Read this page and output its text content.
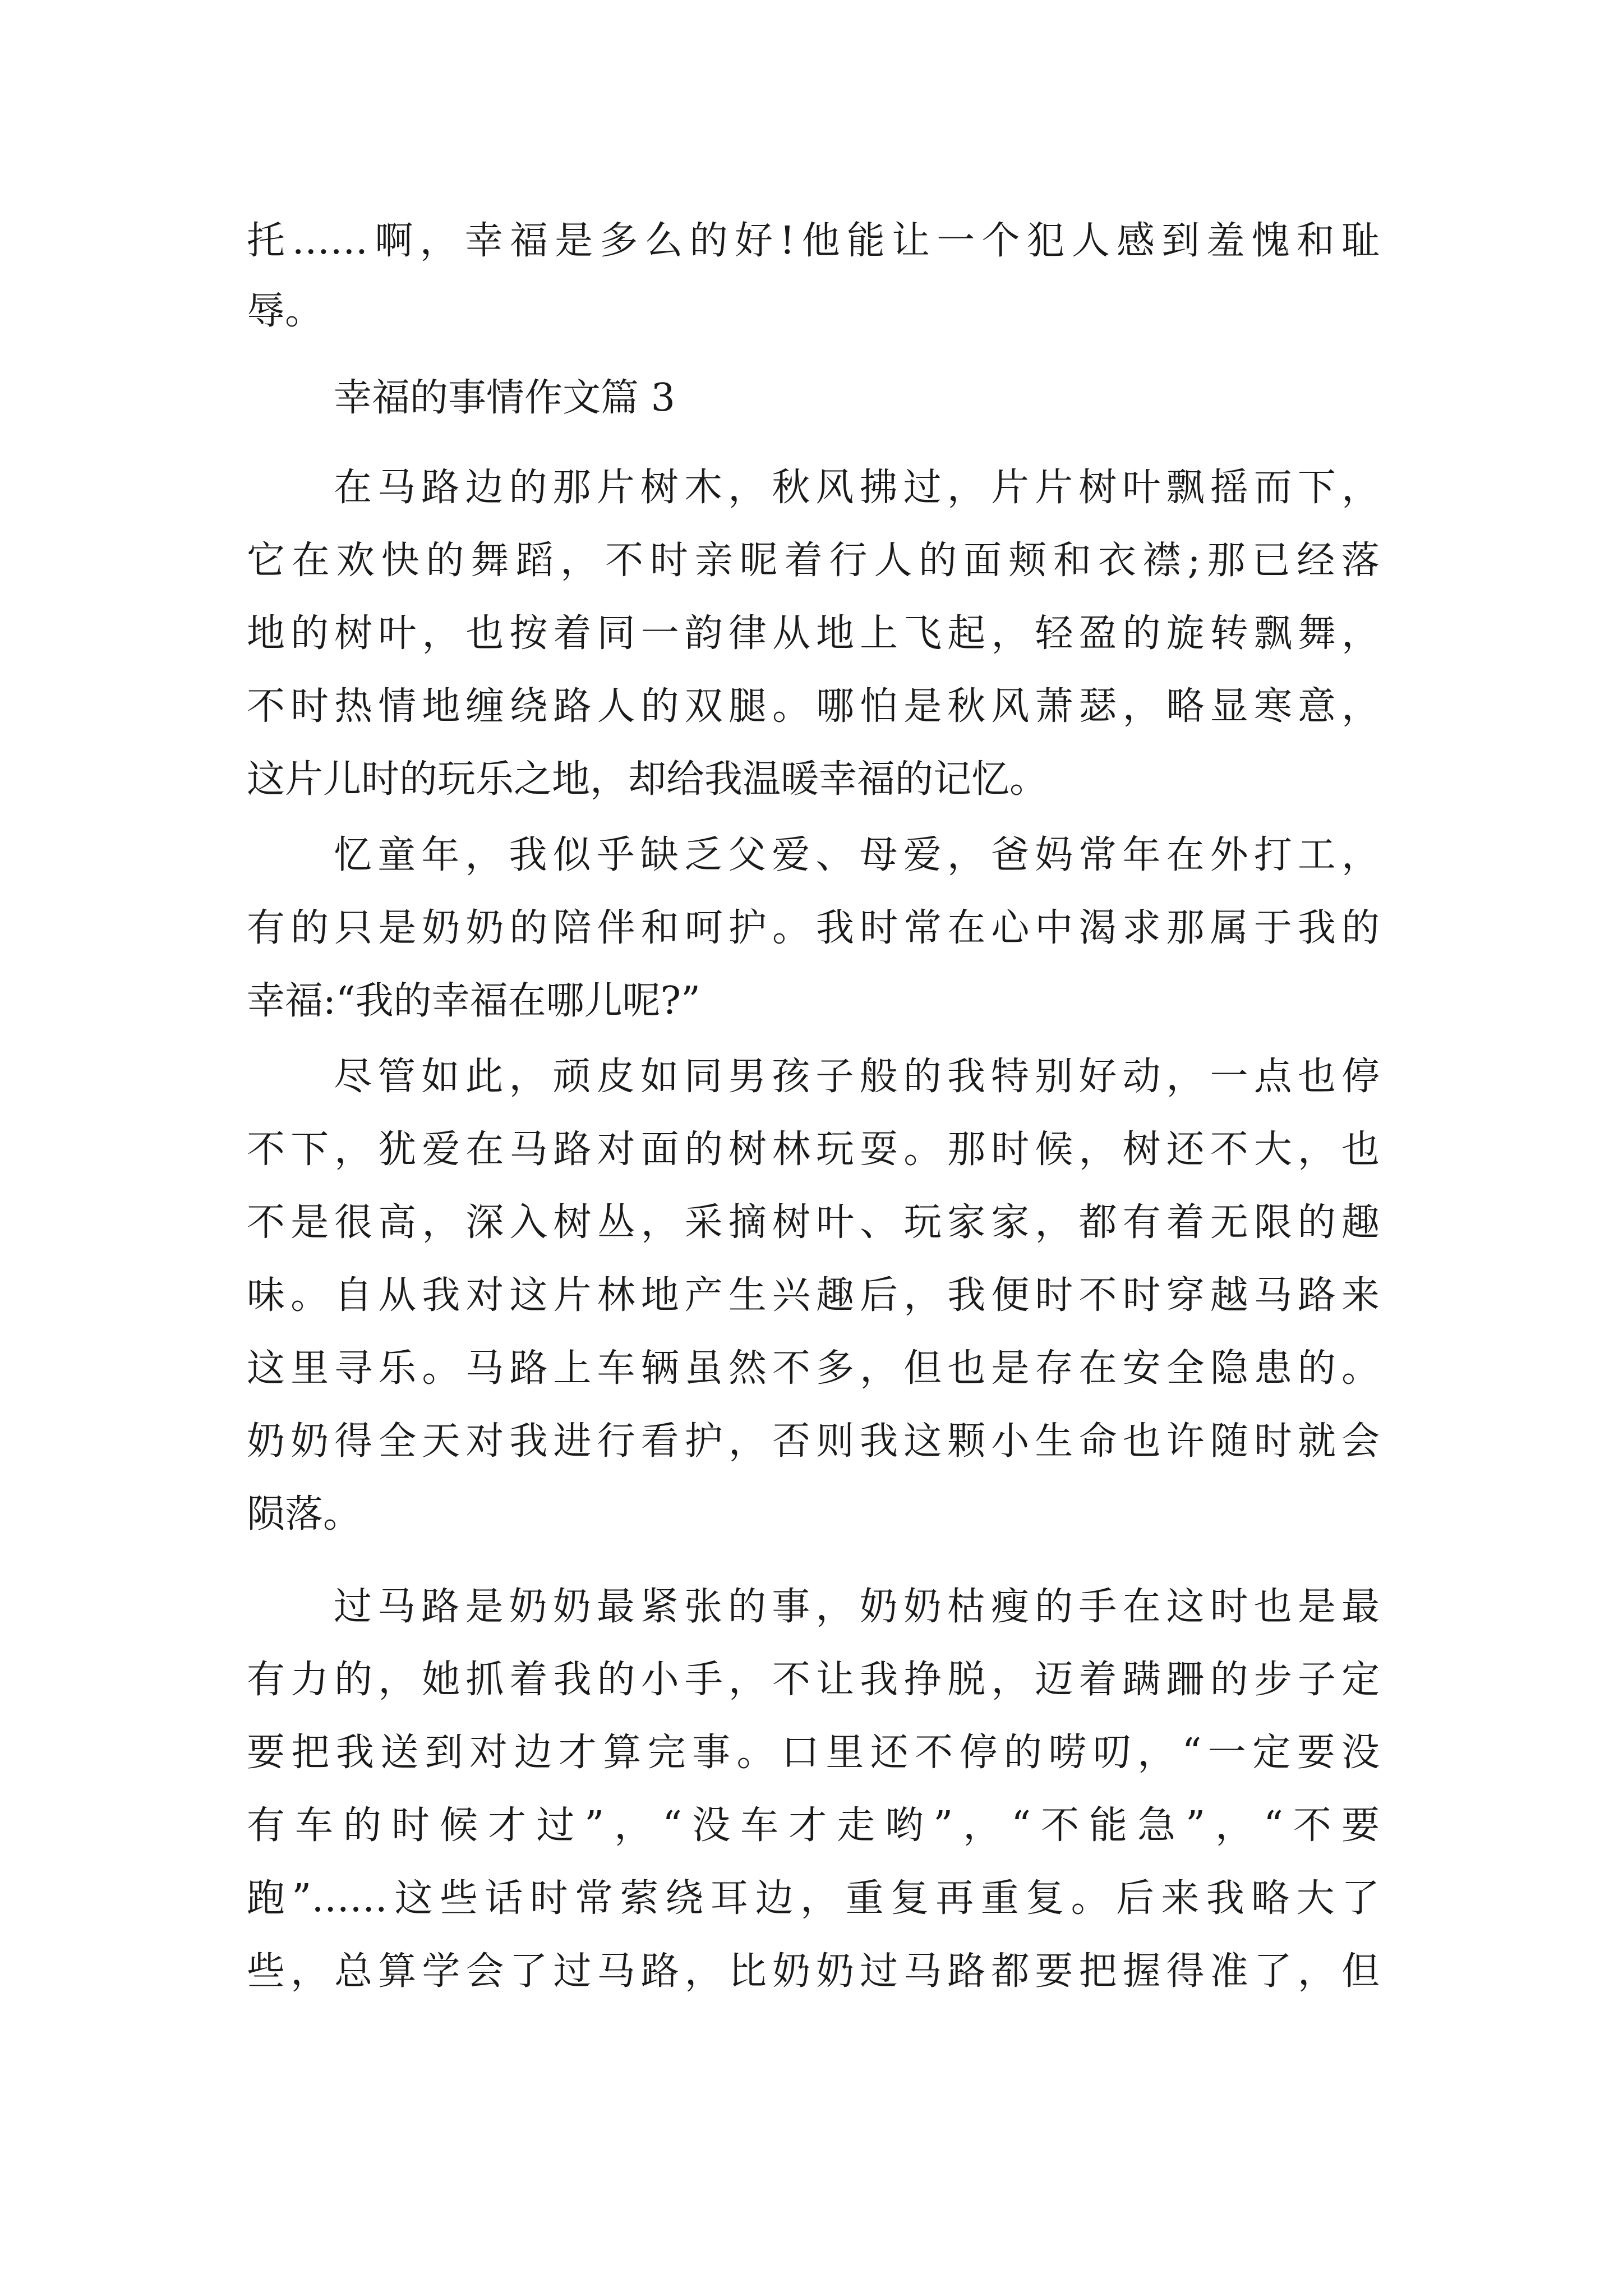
托……啊，幸福是多么的好!他能让一个犯人感到羞愧和耻

辱。

幸福的事情作文篇 3

在马路边的那片树木，秋风拂过，片片树叶飘摇而下，

它在欢快的舞蹈，不时亲昵着行人的面颊和衣襟;那已经落

地的树叶，也按着同一韵律从地上飞起，轻盈的旋转飘舞，

不时热情地缠绕路人的双腿。哪怕是秋风萧瑟，略显寒意，

这片儿时的玩乐之地，却给我温暖幸福的记忆。

忆童年，我似乎缺乏父爱、母爱，爸妈常年在外打工，

有的只是奶奶的陪伴和呵护。我时常在心中渴求那属于我的

幸福:“我的幸福在哪儿呢?”

尽管如此，顽皮如同男孩子般的我特别好动，一点也停

不下，犹爱在马路对面的树林玩耍。那时候，树还不大，也

不是很高，深入树丛，采摘树叶、玩家家，都有着无限的趣

味。自从我对这片林地产生兴趣后，我便时不时穿越马路来

这里寻乐。马路上车辆虽然不多，但也是存在安全隐患的。

奶奶得全天对我进行看护，否则我这颗小生命也许随时就会

陨落。

过马路是奶奶最紧张的事，奶奶枯瘦的手在这时也是最

有力的，她抓着我的小手，不让我挣脱，迈着蹒跚的步子定

要把我送到对边才算完事。口里还不停的唠叨，“一定要没

有车的时候才过”，“没车才走哟”，“不能急”，“不要

跑”……这些话时常萦绕耳边，重复再重复。后来我略大了

些，总算学会了过马路，比奶奶过马路都要把握得准了，但
